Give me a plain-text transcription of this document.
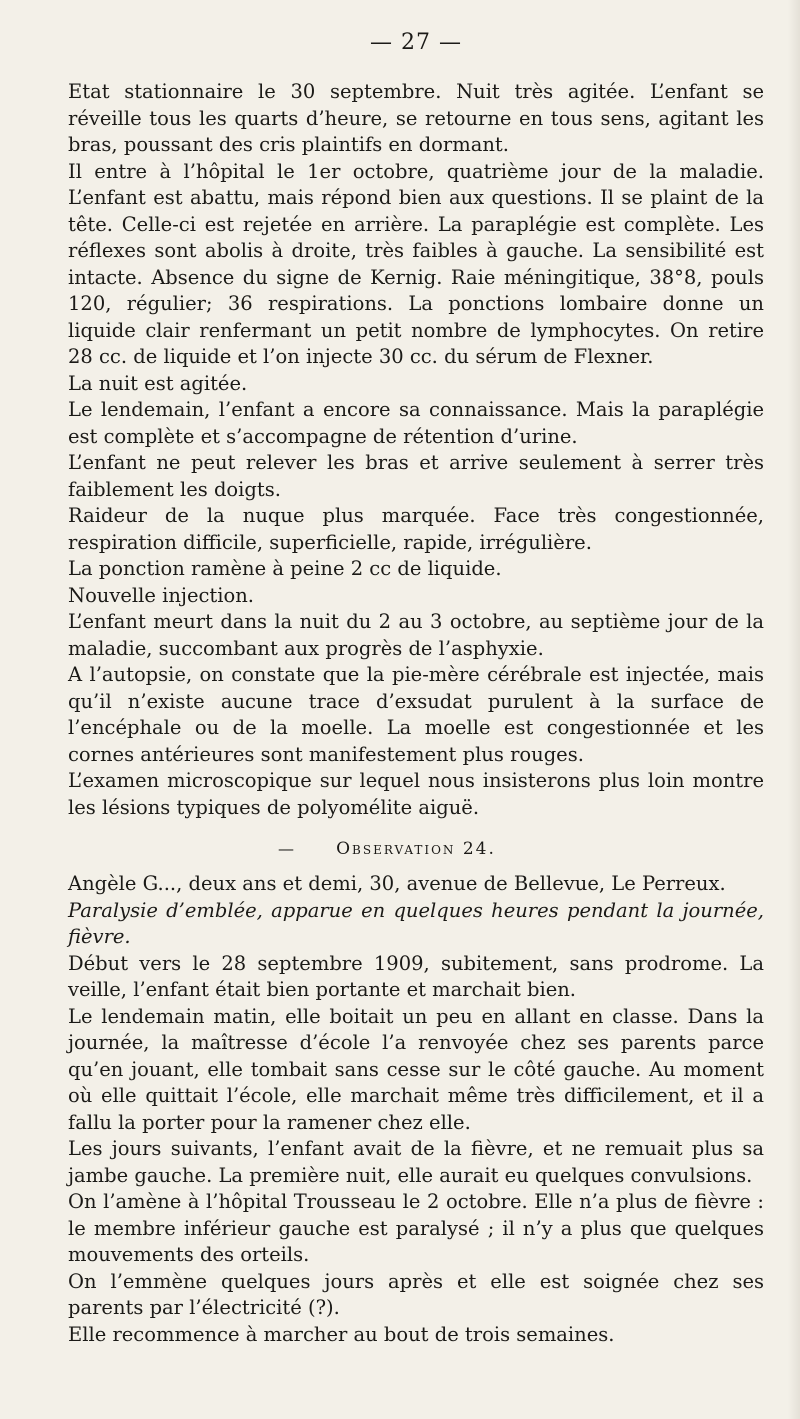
— 27 —

Etat stationnaire le 30 septembre. Nuit très agitée. L’enfant se réveille tous les quarts d’heure, se retourne en tous sens, agitant les bras, poussant des cris plaintifs en dormant.

Il entre à l’hôpital le 1er octobre, quatrième jour de la maladie. L’enfant est abattu, mais répond bien aux questions. Il se plaint de la tête. Celle-ci est rejetée en arrière. La paraplégie est complète. Les réflexes sont abolis à droite, très faibles à gauche. La sensibilité est intacte. Absence du signe de Kernig. Raie méningitique, 38°8, pouls 120, régulier; 36 respirations. La ponctions lombaire donne un liquide clair renfermant un petit nombre de lymphocytes. On retire 28 cc. de liquide et l’on injecte 30 cc. du sérum de Flexner.

La nuit est agitée.

Le lendemain, l’enfant a encore sa connaissance. Mais la paraplégie est complète et s’accompagne de rétention d’urine.

L’enfant ne peut relever les bras et arrive seulement à serrer très faiblement les doigts.

Raideur de la nuque plus marquée. Face très congestionnée, respiration difficile, superficielle, rapide, irrégulière.

La ponction ramène à peine 2 cc de liquide.

Nouvelle injection.

L’enfant meurt dans la nuit du 2 au 3 octobre, au septième jour de la maladie, succombant aux progrès de l’asphyxie.

A l’autopsie, on constate que la pie-mère cérébrale est injectée, mais qu’il n’existe aucune trace d’exsudat purulent à la surface de l’encéphale ou de la moelle. La moelle est congestionnée et les cornes antérieures sont manifestement plus rouges.

L’examen microscopique sur lequel nous insisterons plus loin montre les lésions typiques de polyomélite aiguë.

— Observation 24.

Angèle G..., deux ans et demi, 30, avenue de Bellevue, Le Perreux.

Paralysie d’emblée, apparue en quelques heures pendant la journée, fièvre.

Début vers le 28 septembre 1909, subitement, sans prodrome. La veille, l’enfant était bien portante et marchait bien.

Le lendemain matin, elle boitait un peu en allant en classe. Dans la journée, la maîtresse d’école l’a renvoyée chez ses parents parce qu’en jouant, elle tombait sans cesse sur le côté gauche. Au moment où elle quittait l’école, elle marchait même très difficilement, et il a fallu la porter pour la ramener chez elle.

Les jours suivants, l’enfant avait de la fièvre, et ne remuait plus sa jambe gauche. La première nuit, elle aurait eu quelques convulsions.

On l’amène à l’hôpital Trousseau le 2 octobre. Elle n’a plus de fièvre : le membre inférieur gauche est paralysé ; il n’y a plus que quelques mouvements des orteils.

On l’emmène quelques jours après et elle est soignée chez ses parents par l’électricité (?).

Elle recommence à marcher au bout de trois semaines.
